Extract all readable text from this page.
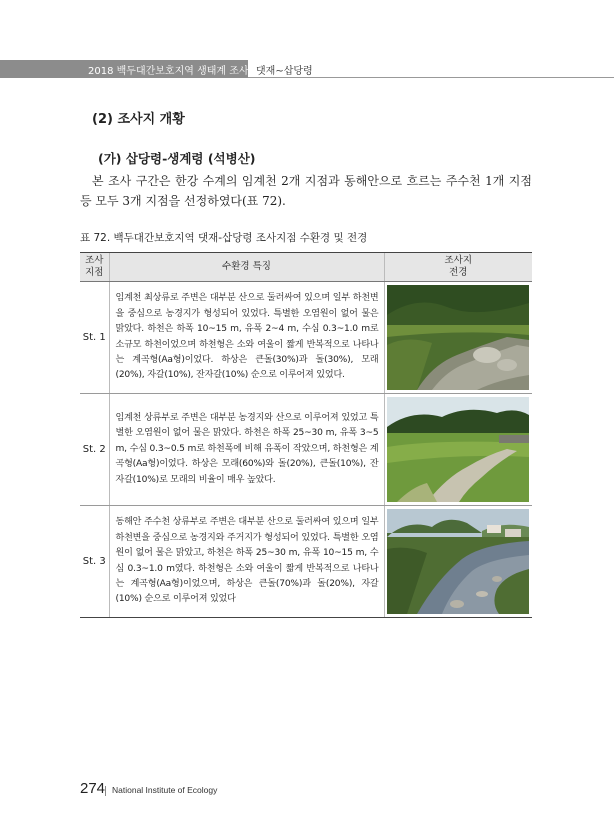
2018 백두대간보호지역 생태계 조사 댓재~삽당령
(2) 조사지 개황
(가) 삽당령-생계령 (석병산)
본 조사 구간은 한강 수계의 임계천 2개 지점과 동해안으로 흐르는 주수천 1개 지점 등 모두 3개 지점을 선정하였다(표 72).
표 72. 백두대간보호지역 댓재-삽당령 조사지점 수환경 및 전경
조사
지점	수환경 특징	조사지
전경
St. 1	임계천 최상류로 주변은 대부분 산으로 둘러싸여 있으며 일부 하천변을 중심으로 농경지가 형성되어 있었다. 특별한 오염원이 없어 물은 맑았다. 하천은 하폭 10~15 m, 유폭 2~4 m, 수심 0.3~1.0 m로 소규모 하천이었으며 하천형은 소와 여울이 짧게 반복적으로 나타나는 계곡형(Aa형)이었다. 하상은 큰돌(30%)과 돌(30%), 모래(20%), 자갈(10%), 잔자갈(10%) 순으로 이루어져 있었다.

St. 2	임계천 상류부로 주변은 대부분 농경지와 산으로 이루어져 있었고 특별한 오염원이 없어 물은 맑았다. 하천은 하폭 25~30 m, 유폭 3~5 m, 수심 0.3~0.5 m로 하천폭에 비해 유폭이 작았으며, 하천형은 계곡형(Aa형)이었다. 하상은 모래(60%)와 돌(20%), 큰돌(10%), 잔자갈(10%)로 모래의 비율이 매우 높았다.

St. 3	동해안 주수천 상류부로 주변은 대부분 산으로 둘러싸여 있으며 일부 하천변을 중심으로 농경지와 주거지가 형성되어 있었다. 특별한 오염원이 없어 물은 맑았고, 하천은 하폭 25~30 m, 유폭 10~15 m, 수심 0.3~1.0 m였다. 하천형은 소와 여울이 짧게 반복적으로 나타나는 계곡형(Aa형)이었으며, 하상은 큰돌(70%)과 돌(20%), 자갈(10%) 순으로 이루어져 있었다

274 National Institute of Ecology
